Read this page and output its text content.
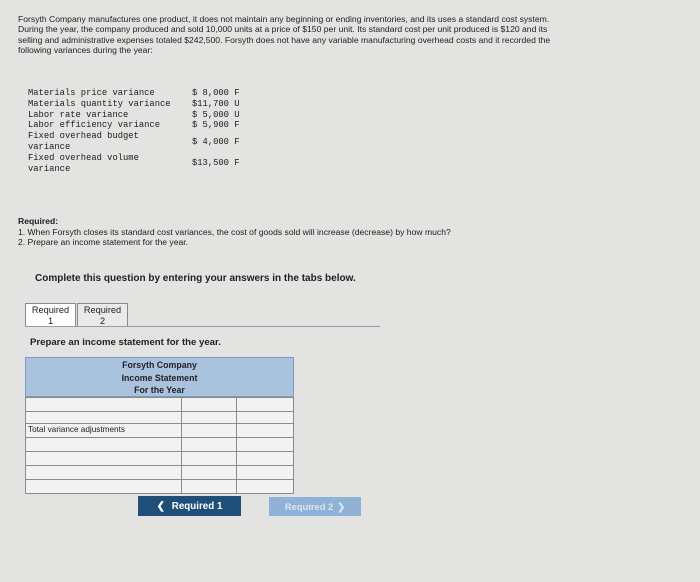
Forsyth Company manufactures one product, it does not maintain any beginning or ending inventories, and its uses a standard cost system. During the year, the company produced and sold 10,000 units at a price of $150 per unit. Its standard cost per unit produced is $120 and its selling and administrative expenses totaled $242,500. Forsyth does not have any variable manufacturing overhead costs and it recorded the following variances during the year:
Materials price variance	$ 8,000 F
Materials quantity variance	$11,700 U
Labor rate variance	$ 5,000 U
Labor efficiency variance	$ 5,900 F
Fixed overhead budget variance	$ 4,000 F
Fixed overhead volume variance	$13,500 F
Required:
1. When Forsyth closes its standard cost variances, the cost of goods sold will increase (decrease) by how much?
2. Prepare an income statement for the year.
Complete this question by entering your answers in the tabs below.
Required
1
Required
2
Prepare an income statement for the year.
Forsyth Company
Income Statement
For the Year
Total variance adjustments
❮ Required 1	Required 2 ❯
